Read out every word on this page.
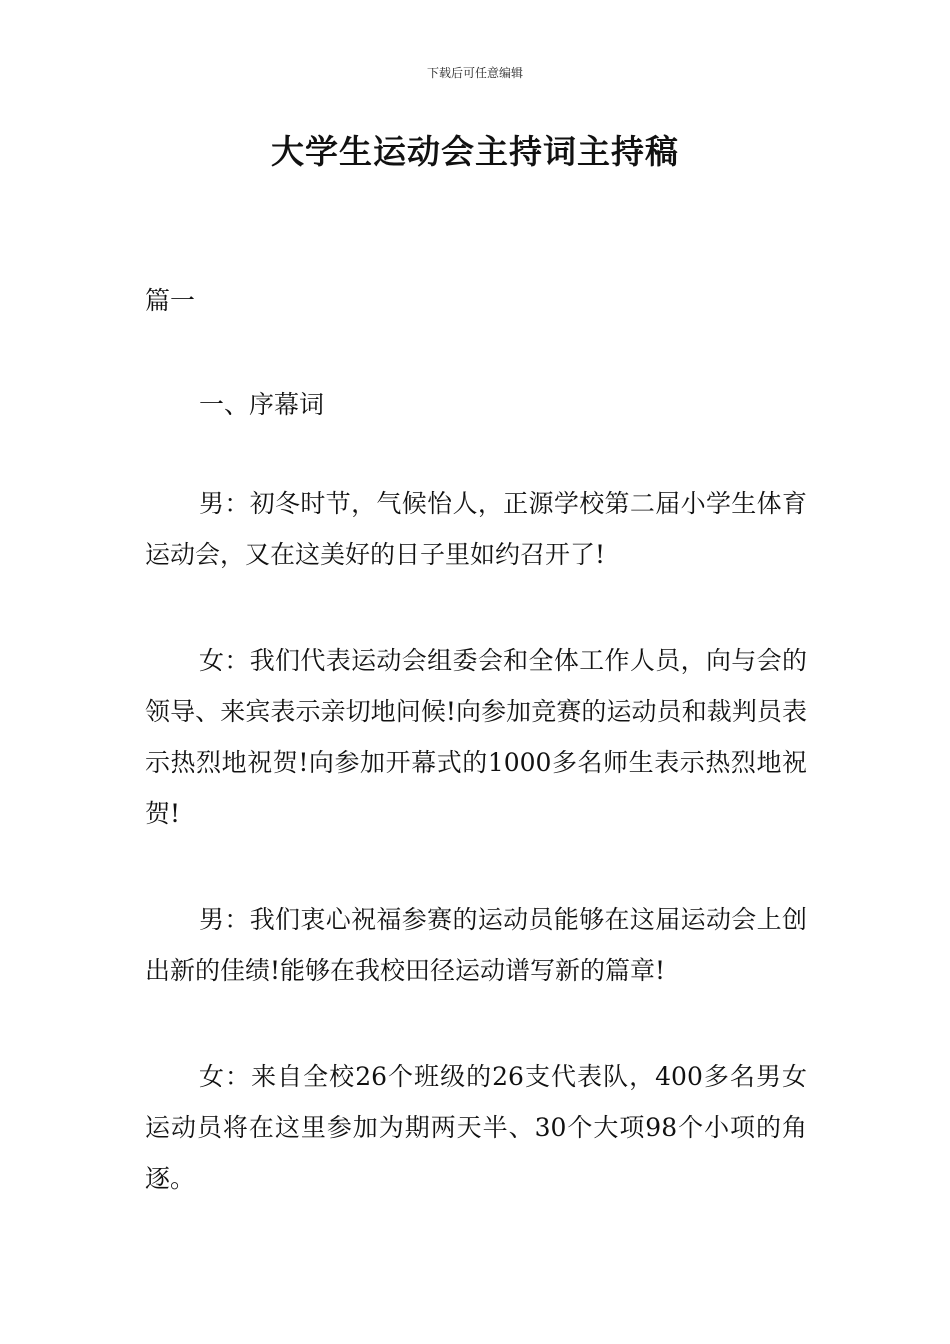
下载后可任意编辑
大学生运动会主持词主持稿

篇一

一、序幕词

男：初冬时节，气候怡人，正源学校第二届小学生体育运动会，又在这美好的日子里如约召开了!

女：我们代表运动会组委会和全体工作人员，向与会的领导、来宾表示亲切地问候!向参加竞赛的运动员和裁判员表示热烈地祝贺!向参加开幕式的1000多名师生表示热烈地祝贺!

男：我们衷心祝福参赛的运动员能够在这届运动会上创出新的佳绩!能够在我校田径运动谱写新的篇章!

女：来自全校26个班级的26支代表队，400多名男女运动员将在这里参加为期两天半、30个大项98个小项的角逐。
